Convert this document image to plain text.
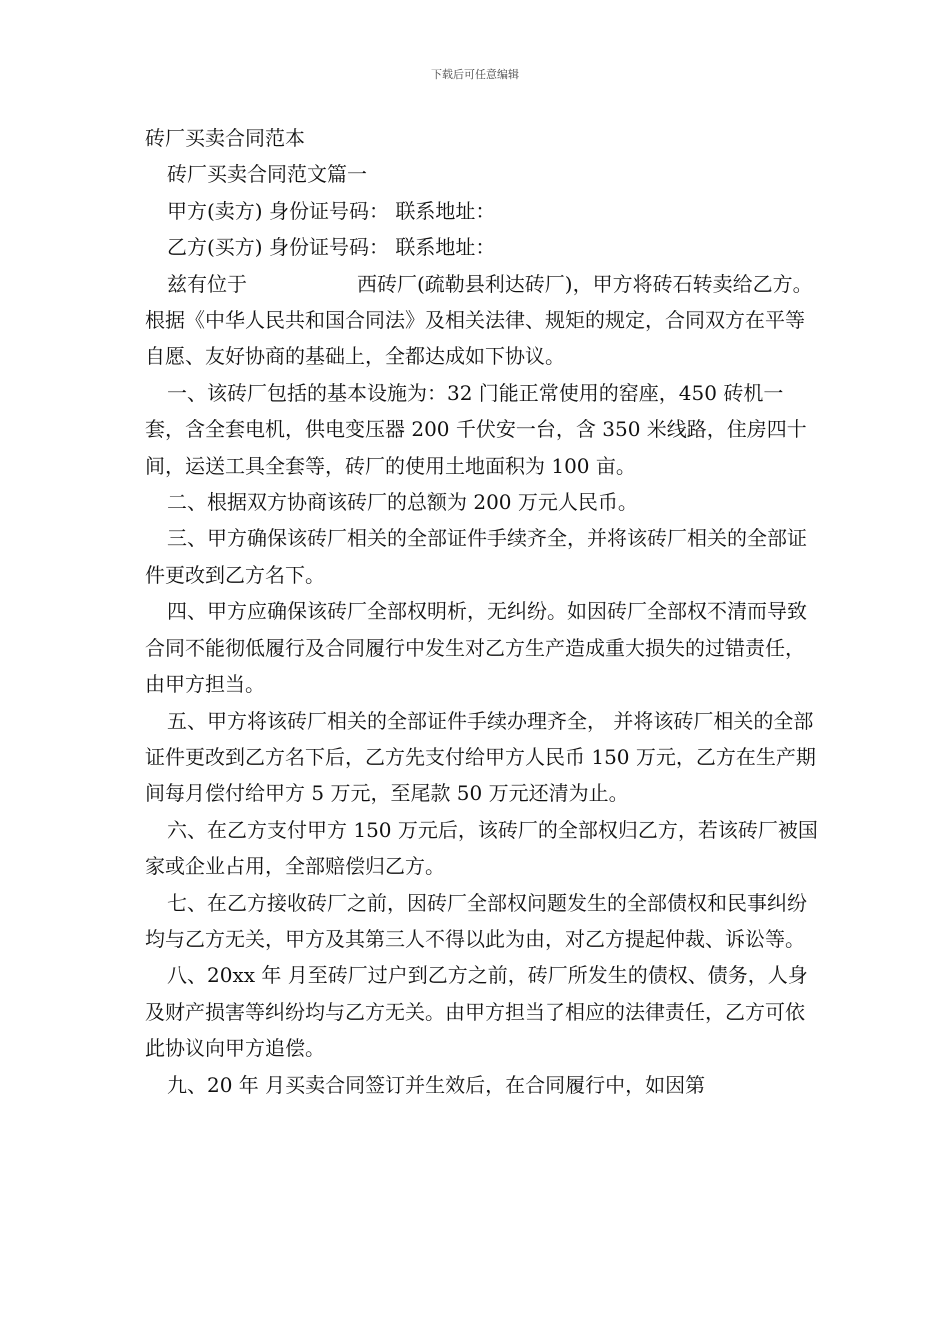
下载后可任意编辑

砖厂买卖合同范本

砖厂买卖合同范文篇一

甲方(卖方) 身份证号码： 联系地址：

乙方(买方) 身份证号码： 联系地址：

兹有位于	西砖厂(疏勒县利达砖厂)，甲方将砖石转卖给乙方。 根据《中华人民共和国合同法》及相关法律、规矩的规定，合同双方在平等自愿、友好协商的基础上，全都达成如下协议。

一、该砖厂包括的基本设施为：32 门能正常使用的窑座，450 砖机一套，含全套电机，供电变压器 200 千伏安一台，含 350 米线路，住房四十间，运送工具全套等，砖厂的使用土地面积为 100 亩。

二、根据双方协商该砖厂的总额为 200 万元人民币。

三、甲方确保该砖厂相关的全部证件手续齐全，并将该砖厂相关的全部证件更改到乙方名下。

四、甲方应确保该砖厂全部权明析，无纠纷。如因砖厂全部权不清而导致合同不能彻低履行及合同履行中发生对乙方生产造成重大损失的过错责任，由甲方担当。

五、甲方将该砖厂相关的全部证件手续办理齐全， 并将该砖厂相关的全部证件更改到乙方名下后，乙方先支付给甲方人民币 150 万元，乙方在生产期间每月偿付给甲方 5 万元，至尾款 50 万元还清为止。

六、在乙方支付甲方 150 万元后，该砖厂的全部权归乙方，若该砖厂被国家或企业占用，全部赔偿归乙方。

七、在乙方接收砖厂之前，因砖厂全部权问题发生的全部债权和民事纠纷均与乙方无关，甲方及其第三人不得以此为由，对乙方提起仲裁、诉讼等。

八、20xx 年 月至砖厂过户到乙方之前，砖厂所发生的债权、债务，人身及财产损害等纠纷均与乙方无关。由甲方担当了相应的法律责任，乙方可依此协议向甲方追偿。

九、20 年 月买卖合同签订并生效后，在合同履行中，如因第
